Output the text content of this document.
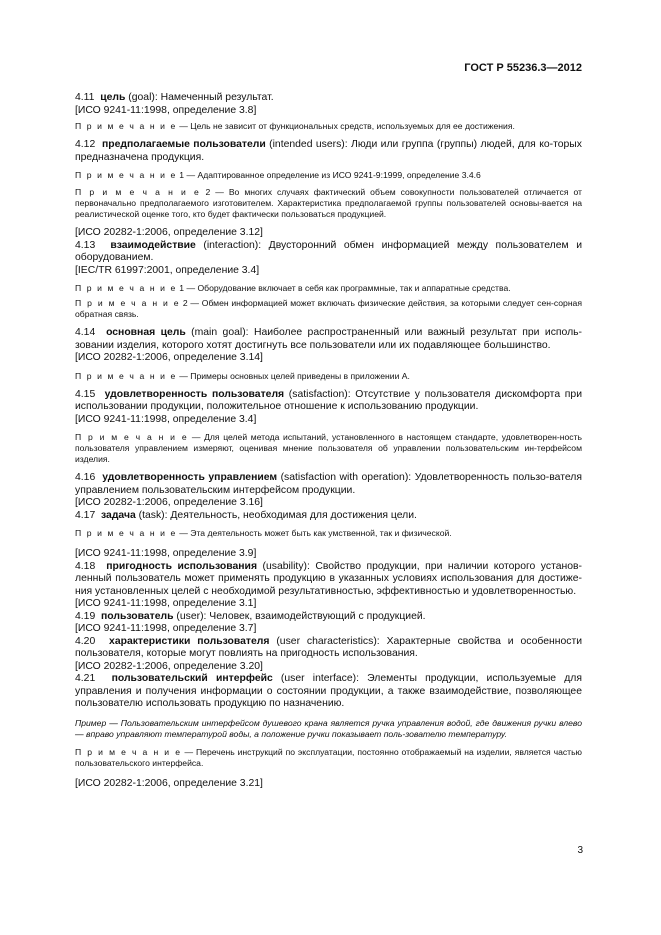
ГОСТ Р 55236.3—2012

4.11 цель (goal): Намеченный результат.

[ИСО 9241-11:1998, определение 3.8]

П р и м е ч а н и е — Цель не зависит от функциональных средств, используемых для ее достижения.

4.12 предполагаемые пользователи (intended users): Люди или группа (группы) людей, для ко-торых предназначена продукция.

П р и м е ч а н и е 1 — Адаптированное определение из ИСО 9241-9:1999, определение 3.4.6

П р и м е ч а н и е 2 — Во многих случаях фактический объем совокупности пользователей отличается от первоначально предполагаемого изготовителем. Характеристика предполагаемой группы пользователей основы-вается на реалистической оценке того, кто будет фактически пользоваться продукцией.

[ИСО 20282-1:2006, определение 3.12]

4.13 взаимодействие (interaction): Двусторонний обмен информацией между пользователем и оборудованием.

[IEC/TR 61997:2001, определение 3.4]

П р и м е ч а н и е 1 — Оборудование включает в себя как программные, так и аппаратные средства.

П р и м е ч а н и е 2 — Обмен информацией может включать физические действия, за которыми следует сен-сорная обратная связь.

4.14 основная цель (main goal): Наиболее распространенный или важный результат при исполь-зовании изделия, которого хотят достигнуть все пользователи или их подавляющее большинство.

[ИСО 20282-1:2006, определение 3.14]

П р и м е ч а н и е — Примеры основных целей приведены в приложении А.

4.15 удовлетворенность пользователя (satisfaction): Отсутствие у пользователя дискомфорта при использовании продукции, положительное отношение к использованию продукции.

[ИСО 9241-11:1998, определение 3.4]

П р и м е ч а н и е — Для целей метода испытаний, установленного в настоящем стандарте, удовлетворен-ность пользователя управлением измеряют, оценивая мнение пользователя об управлении пользовательским ин-терфейсом изделия.

4.16 удовлетворенность управлением (satisfaction with operation): Удовлетворенность пользо-вателя управлением пользовательским интерфейсом продукции.

[ИСО 20282-1:2006, определение 3.16]

4.17 задача (task): Деятельность, необходимая для достижения цели.

П р и м е ч а н и е — Эта деятельность может быть как умственной, так и физической.

[ИСО 9241-11:1998, определение 3.9]

4.18 пригодность использования (usability): Свойство продукции, при наличии которого установ-ленный пользователь может применять продукцию в указанных условиях использования для достиже-ния установленных целей с необходимой результативностью, эффективностью и удовлетворенностью.

[ИСО 9241-11:1998, определение 3.1]

4.19 пользователь (user): Человек, взаимодействующий с продукцией.

[ИСО 9241-11:1998, определение 3.7]

4.20 характеристики пользователя (user characteristics): Характерные свойства и особенности пользователя, которые могут повлиять на пригодность использования.

[ИСО 20282-1:2006, определение 3.20]

4.21 пользовательский интерфейс (user interface): Элементы продукции, используемые для управления и получения информации о состоянии продукции, а также взаимодействие, позволяющее пользователю использовать продукцию по назначению.

Пример — Пользовательским интерфейсом душевого крана является ручка управления водой, где движения ручки влево — вправо управляют температурой воды, а положение ручки показывает поль-зователю температуру.

П р и м е ч а н и е — Перечень инструкций по эксплуатации, постоянно отображаемый на изделии, является частью пользовательского интерфейса.

[ИСО 20282-1:2006, определение 3.21]

3
